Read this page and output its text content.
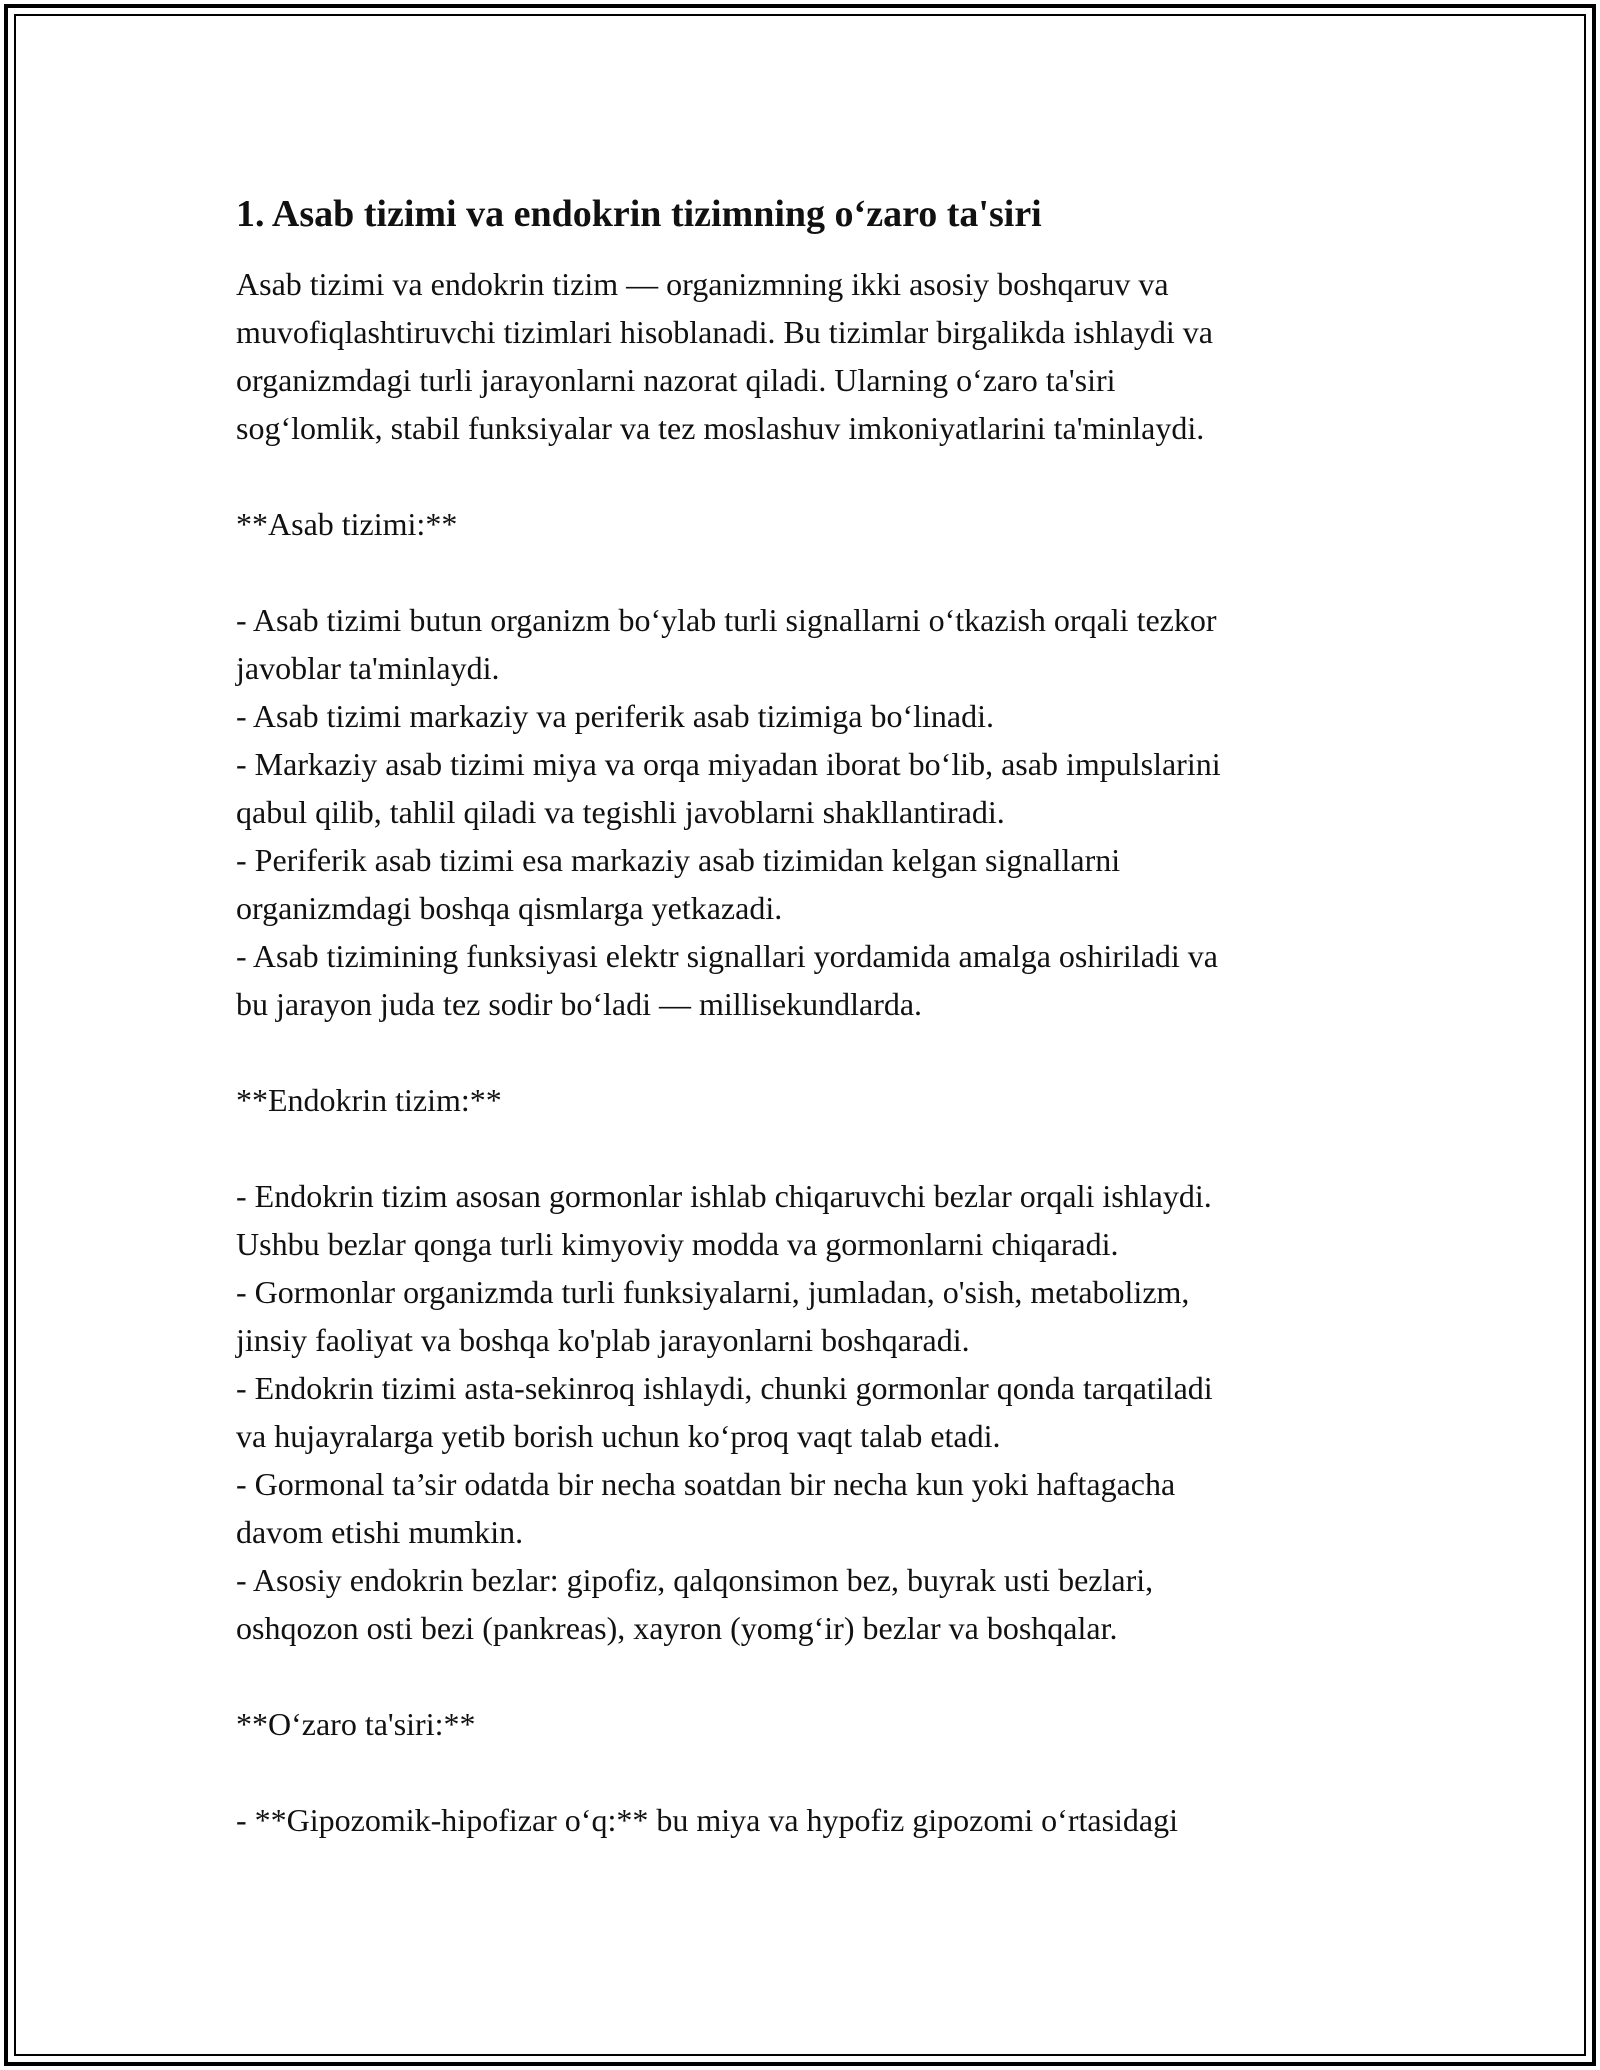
1. Asab tizimi va endokrin tizimning o‘zaro ta'siri
Asab tizimi va endokrin tizim — organizmning ikki asosiy boshqaruv va
muvofiqlashtiruvchi tizimlari hisoblanadi. Bu tizimlar birgalikda ishlaydi va
organizmdagi turli jarayonlarni nazorat qiladi. Ularning o‘zaro ta'siri
sog‘lomlik, stabil funksiyalar va tez moslashuv imkoniyatlarini ta'minlaydi.
**Asab tizimi:**
- Asab tizimi butun organizm bo‘ylab turli signallarni o‘tkazish orqali tezkor
javoblar ta'minlaydi.
- Asab tizimi markaziy va periferik asab tizimiga bo‘linadi.
- Markaziy asab tizimi miya va orqa miyadan iborat bo‘lib, asab impulslarini
qabul qilib, tahlil qiladi va tegishli javoblarni shakllantiradi.
- Periferik asab tizimi esa markaziy asab tizimidan kelgan signallarni
organizmdagi boshqa qismlarga yetkazadi.
- Asab tizimining funksiyasi elektr signallari yordamida amalga oshiriladi va
bu jarayon juda tez sodir bo‘ladi — millisekundlarda.
**Endokrin tizim:**
- Endokrin tizim asosan gormonlar ishlab chiqaruvchi bezlar orqali ishlaydi.
Ushbu bezlar qonga turli kimyoviy modda va gormonlarni chiqaradi.
- Gormonlar organizmda turli funksiyalarni, jumladan, o'sish, metabolizm,
jinsiy faoliyat va boshqa ko'plab jarayonlarni boshqaradi.
- Endokrin tizimi asta-sekinroq ishlaydi, chunki gormonlar qonda tarqatiladi
va hujayralarga yetib borish uchun ko‘proq vaqt talab etadi.
- Gormonal ta’sir odatda bir necha soatdan bir necha kun yoki haftagacha
davom etishi mumkin.
- Asosiy endokrin bezlar: gipofiz, qalqonsimon bez, buyrak usti bezlari,
oshqozon osti bezi (pankreas), xayron (yomg‘ir) bezlar va boshqalar.
**O‘zaro ta'siri:**
- **Gipozomik-hipofizar o‘q:** bu miya va hypofiz gipozomi o‘rtasidagi
